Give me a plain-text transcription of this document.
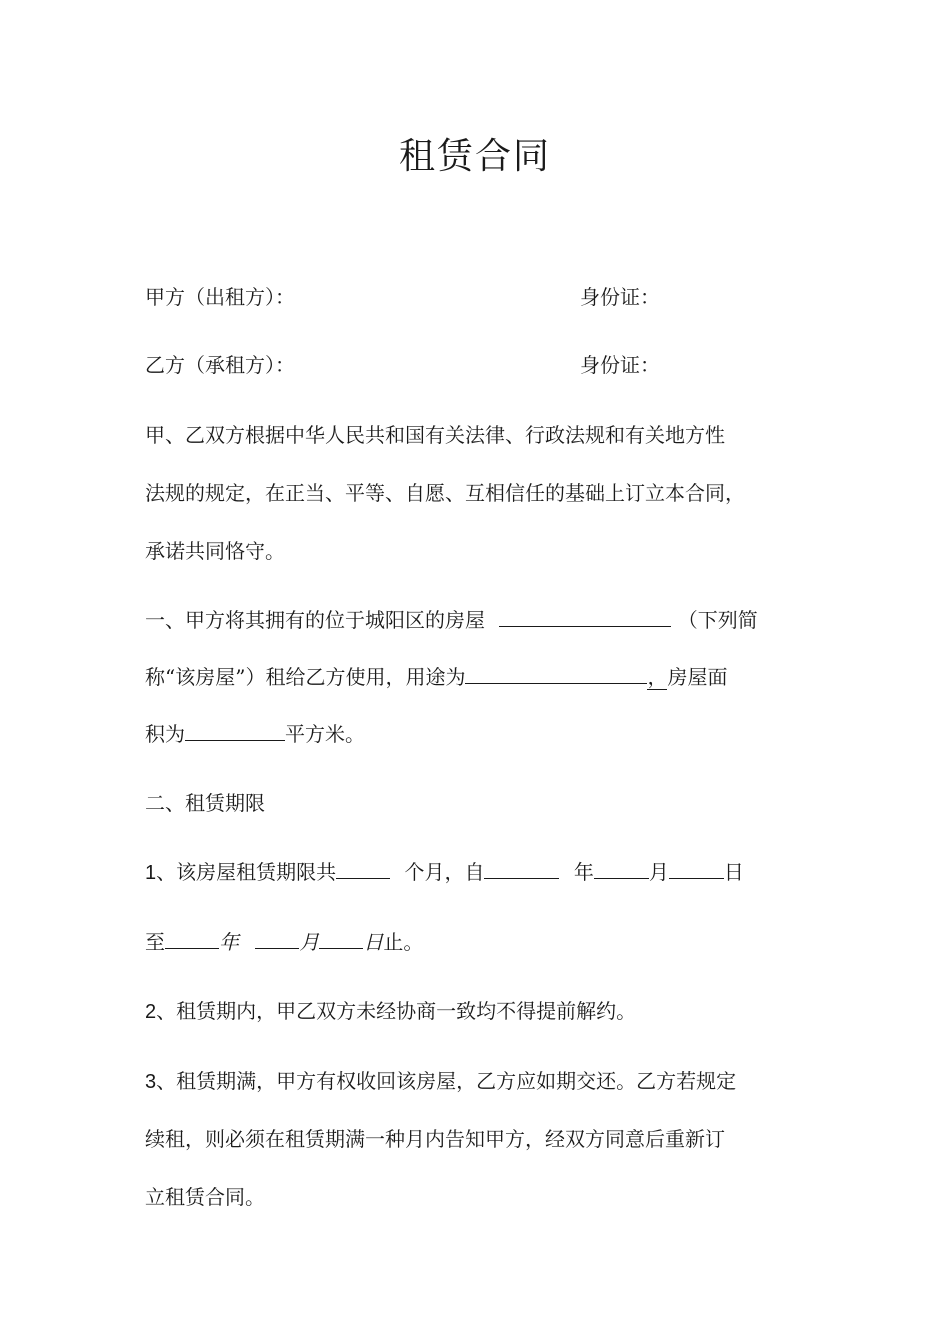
租赁合同
甲方（出租方）：	身份证：
乙方（承租方）：	身份证：
甲、乙双方根据中华人民共和国有关法律、行政法规和有关地方性
法规的规定，在正当、平等、自愿、互相信任的基础上订立本合同，
承诺共同恪守。
一、甲方将其拥有的位于城阳区的房屋	（下列简
称“该房屋”）租给乙方使用，用途为	，房屋面
积为	平方米。
二、租赁期限
1、该房屋租赁期限共	个月，自	年	月	日
至	年	月 日止。
2、租赁期内，甲乙双方未经协商一致均不得提前解约。
3、租赁期满，甲方有权收回该房屋，乙方应如期交还。乙方若规定
续租，则必须在租赁期满一种月内告知甲方，经双方同意后重新订
立租赁合同。
